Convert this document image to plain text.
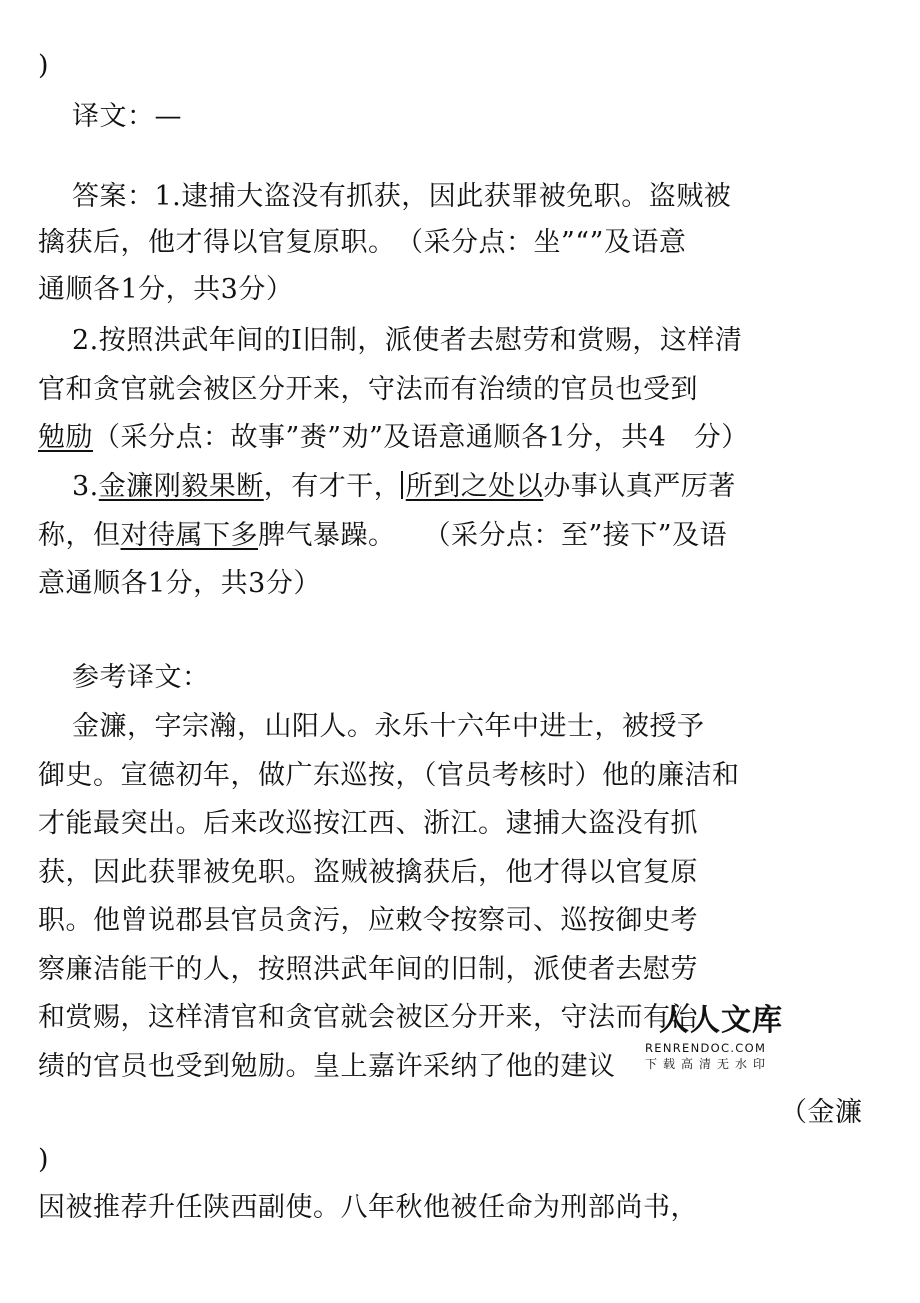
)
译文：—
答案：1.逮捕大盗没有抓获，因此获罪被免职。盗贼被
擒获后，他才得以官复原职。　（采分点：坐”“”及语意
通顺各1分，共3分）
2.按照洪武年间的I旧制，派使者去慰劳和赏赐，这样清
官和贪官就会被区分开来，守法而有治绩的官员也受到
勉励（采分点：故事”赉”劝”及语意通顺各1分，共4　分）
3.金濂刚毅果断，有才干， 所到之处以办事认真严厉著
称，但对待属下多脾气暴躁。　　（采分点：至”接下”及语
意通顺各1分，共3分）
参考译文：
金濂，字宗瀚，山阳人。永乐十六年中进士，被授予
御史。宣德初年，做广东巡按，（官员考核时）他的廉洁和
才能最突出。后来改巡按江西、浙江。逮捕大盗没有抓
获，因此获罪被免职。盗贼被擒获后，他才得以官复原
职。他曾说郡县官员贪污，应敕令按察司、巡按御史考
察廉洁能干的人，按照洪武年间的旧制，派使者去慰劳
和赏赐，这样清官和贪官就会被区分开来，守法而有治
绩的官员也受到勉励。皇上嘉许采纳了他的建议
（金濂
)
因被推荐升任陕西副使。八年秋他被任命为刑部尚书，
人人文库
RENRENDOC.COM
下载高清无水印
